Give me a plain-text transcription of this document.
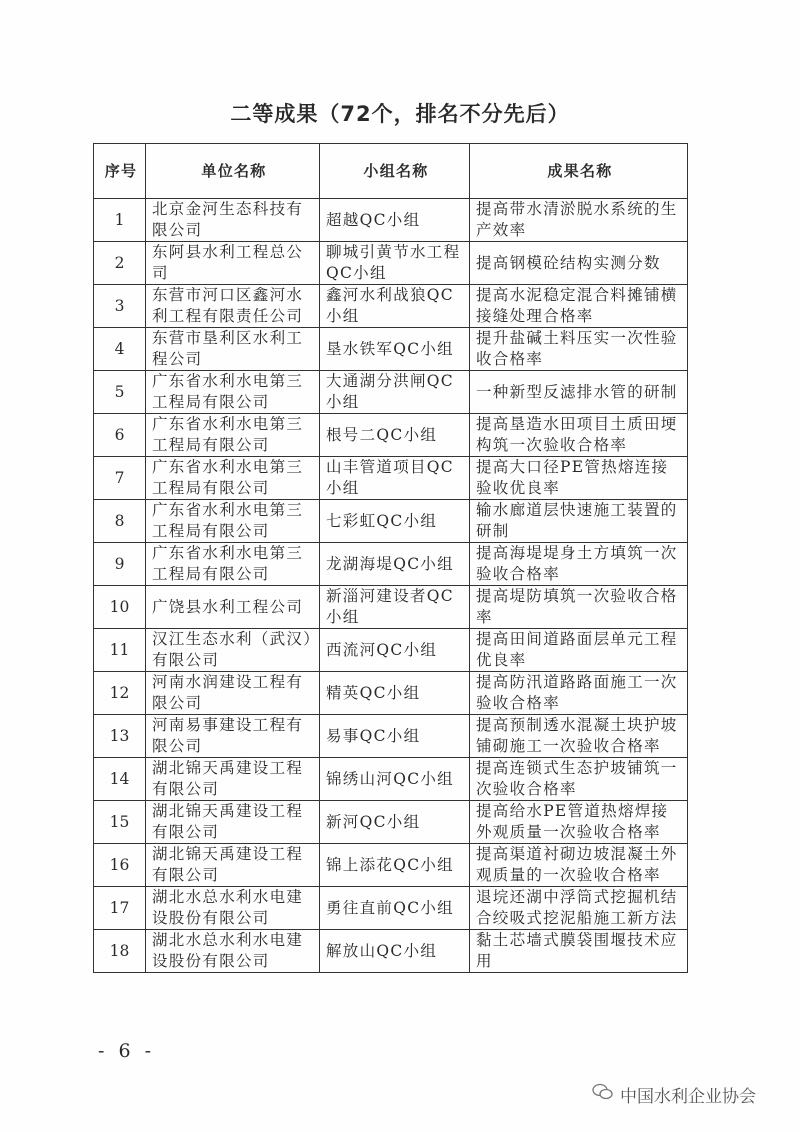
二等成果（72个，排名不分先后）
序号	单位名称	小组名称	成果名称
1	北京金河生态科技有限公司	超越QC小组	提高带水清淤脱水系统的生产效率
2	东阿县水利工程总公司	聊城引黄节水工程QC小组	提高钢模砼结构实测分数
3	东营市河口区鑫河水利工程有限责任公司	鑫河水利战狼QC小组	提高水泥稳定混合料摊铺横接缝处理合格率
4	东营市垦利区水利工程公司	垦水铁军QC小组	提升盐碱土料压实一次性验收合格率
5	广东省水利水电第三工程局有限公司	大通湖分洪闸QC小组	一种新型反滤排水管的研制
6	广东省水利水电第三工程局有限公司	根号二QC小组	提高垦造水田项目土质田埂构筑一次验收合格率
7	广东省水利水电第三工程局有限公司	山丰管道项目QC小组	提高大口径PE管热熔连接验收优良率
8	广东省水利水电第三工程局有限公司	七彩虹QC小组	输水廊道层快速施工装置的研制
9	广东省水利水电第三工程局有限公司	龙湖海堤QC小组	提高海堤堤身土方填筑一次验收合格率
10	广饶县水利工程公司	新淄河建设者QC小组	提高堤防填筑一次验收合格率
11	汉江生态水利（武汉）有限公司	西流河QC小组	提高田间道路面层单元工程优良率
12	河南水润建设工程有限公司	精英QC小组	提高防汛道路路面施工一次验收合格率
13	河南易事建设工程有限公司	易事QC小组	提高预制透水混凝土块护坡铺砌施工一次验收合格率
14	湖北锦天禹建设工程有限公司	锦绣山河QC小组	提高连锁式生态护坡铺筑一次验收合格率
15	湖北锦天禹建设工程有限公司	新河QC小组	提高给水PE管道热熔焊接外观质量一次验收合格率
16	湖北锦天禹建设工程有限公司	锦上添花QC小组	提高渠道衬砌边坡混凝土外观质量的一次验收合格率
17	湖北水总水利水电建设股份有限公司	勇往直前QC小组	退垸还湖中浮筒式挖掘机结合绞吸式挖泥船施工新方法
18	湖北水总水利水电建设股份有限公司	解放山QC小组	黏土芯墙式膜袋围堰技术应用
- 6 -
中国水利企业协会
